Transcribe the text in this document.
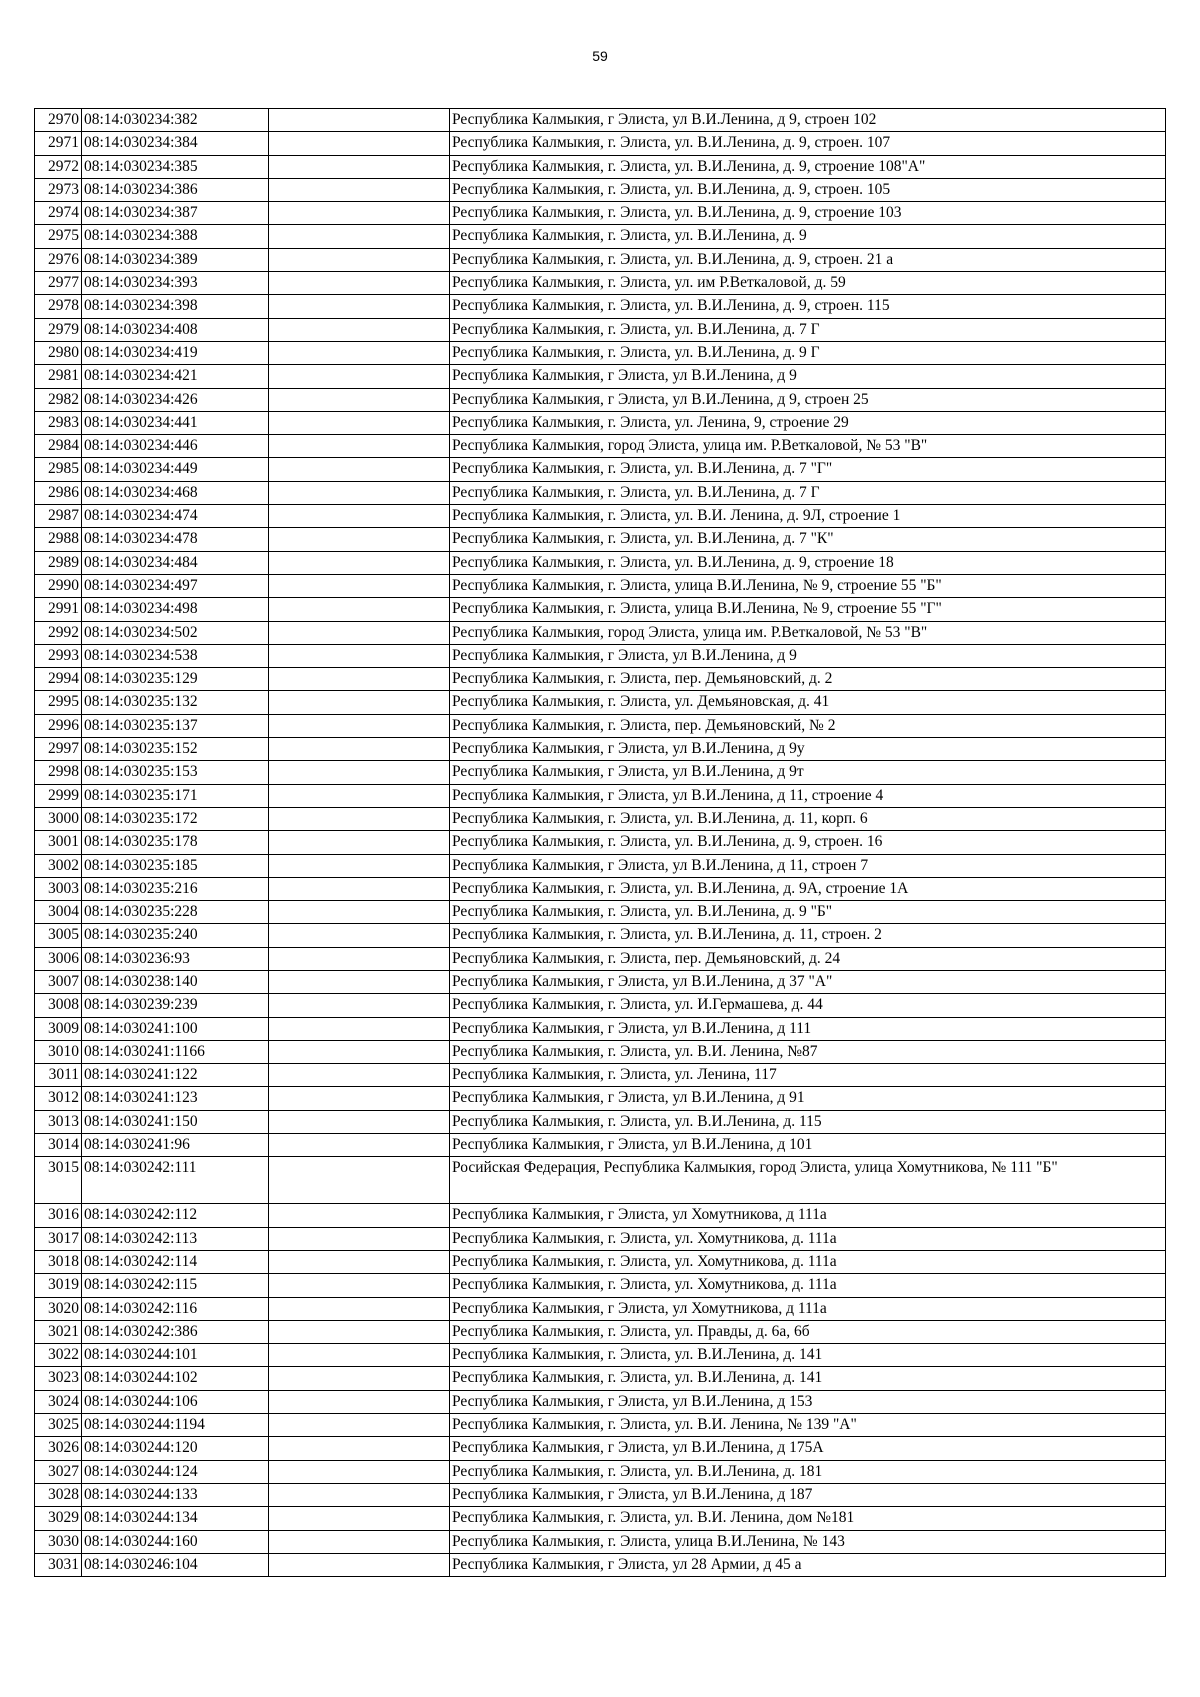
59
2970	08:14:030234:382		Республика Калмыкия, г Элиста, ул В.И.Ленина, д 9, строен 102
2971	08:14:030234:384		Республика Калмыкия, г. Элиста, ул. В.И.Ленина, д. 9, строен. 107
2972	08:14:030234:385		Республика Калмыкия, г. Элиста, ул. В.И.Ленина, д. 9, строение 108"А"
2973	08:14:030234:386		Республика Калмыкия, г. Элиста, ул. В.И.Ленина, д. 9, строен. 105
2974	08:14:030234:387		Республика Калмыкия, г. Элиста, ул. В.И.Ленина, д. 9, строение 103
2975	08:14:030234:388		Республика Калмыкия, г. Элиста, ул. В.И.Ленина, д. 9
2976	08:14:030234:389		Республика Калмыкия, г. Элиста, ул. В.И.Ленина, д. 9, строен. 21 а
2977	08:14:030234:393		Республика Калмыкия, г. Элиста, ул. им Р.Веткаловой, д. 59
2978	08:14:030234:398		Республика Калмыкия, г. Элиста, ул. В.И.Ленина, д. 9, строен. 115
2979	08:14:030234:408		Республика Калмыкия, г. Элиста, ул. В.И.Ленина, д. 7 Г
2980	08:14:030234:419		Республика Калмыкия, г. Элиста, ул. В.И.Ленина, д. 9 Г
2981	08:14:030234:421		Республика Калмыкия, г Элиста, ул В.И.Ленина, д 9
2982	08:14:030234:426		Республика Калмыкия, г Элиста, ул В.И.Ленина, д 9, строен 25
2983	08:14:030234:441		Республика Калмыкия, г. Элиста, ул. Ленина, 9, строение 29
2984	08:14:030234:446		Республика Калмыкия, город Элиста, улица им. Р.Веткаловой, № 53 "В"
2985	08:14:030234:449		Республика Калмыкия, г. Элиста, ул. В.И.Ленина, д. 7 "Г"
2986	08:14:030234:468		Республика Калмыкия, г. Элиста, ул. В.И.Ленина, д. 7 Г
2987	08:14:030234:474		Республика Калмыкия, г. Элиста, ул. В.И. Ленина, д. 9Л, строение 1
2988	08:14:030234:478		Республика Калмыкия, г. Элиста, ул. В.И.Ленина, д. 7 "К"
2989	08:14:030234:484		Республика Калмыкия, г. Элиста, ул. В.И.Ленина, д. 9, строение 18
2990	08:14:030234:497		Республика Калмыкия, г. Элиста, улица В.И.Ленина, № 9, строение 55 "Б"
2991	08:14:030234:498		Республика Калмыкия, г. Элиста, улица В.И.Ленина, № 9, строение 55 "Г"
2992	08:14:030234:502		Республика Калмыкия, город Элиста, улица им. Р.Веткаловой, № 53 "В"
2993	08:14:030234:538		Республика Калмыкия, г Элиста, ул В.И.Ленина, д 9
2994	08:14:030235:129		Республика Калмыкия, г. Элиста, пер. Демьяновский, д. 2
2995	08:14:030235:132		Республика Калмыкия, г. Элиста, ул. Демьяновская, д. 41
2996	08:14:030235:137		Республика Калмыкия, г. Элиста, пер. Демьяновский, № 2
2997	08:14:030235:152		Республика Калмыкия, г Элиста, ул В.И.Ленина, д 9у
2998	08:14:030235:153		Республика Калмыкия, г Элиста, ул В.И.Ленина, д 9т
2999	08:14:030235:171		Республика Калмыкия, г Элиста, ул В.И.Ленина, д 11, строение 4
3000	08:14:030235:172		Республика Калмыкия, г. Элиста, ул. В.И.Ленина, д. 11, корп. 6
3001	08:14:030235:178		Республика Калмыкия, г. Элиста, ул. В.И.Ленина, д. 9, строен. 16
3002	08:14:030235:185		Республика Калмыкия, г Элиста, ул В.И.Ленина, д 11, строен 7
3003	08:14:030235:216		Республика Калмыкия, г. Элиста, ул. В.И.Ленина, д. 9А, строение 1А
3004	08:14:030235:228		Республика Калмыкия, г. Элиста, ул. В.И.Ленина, д. 9 "Б"
3005	08:14:030235:240		Республика Калмыкия, г. Элиста, ул. В.И.Ленина, д. 11, строен. 2
3006	08:14:030236:93		Республика Калмыкия, г. Элиста, пер. Демьяновский, д. 24
3007	08:14:030238:140		Республика Калмыкия, г Элиста, ул В.И.Ленина, д 37 "А"
3008	08:14:030239:239		Республика Калмыкия, г. Элиста, ул. И.Гермашева, д. 44
3009	08:14:030241:100		Республика Калмыкия, г Элиста, ул В.И.Ленина, д 111
3010	08:14:030241:1166		Республика Калмыкия, г. Элиста, ул. В.И. Ленина, №87
3011	08:14:030241:122		Республика Калмыкия, г. Элиста, ул. Ленина, 117
3012	08:14:030241:123		Республика Калмыкия, г Элиста, ул В.И.Ленина, д 91
3013	08:14:030241:150		Республика Калмыкия, г. Элиста, ул. В.И.Ленина, д. 115
3014	08:14:030241:96		Республика Калмыкия, г Элиста, ул В.И.Ленина, д 101
3015	08:14:030242:111		Росийская Федерация, Республика Калмыкия, город Элиста, улица Хомутникова, № 111 "Б"
3016	08:14:030242:112		Республика Калмыкия, г Элиста, ул Хомутникова, д 111а
3017	08:14:030242:113		Республика Калмыкия, г. Элиста, ул. Хомутникова, д. 111а
3018	08:14:030242:114		Республика Калмыкия, г. Элиста, ул. Хомутникова, д. 111а
3019	08:14:030242:115		Республика Калмыкия, г. Элиста, ул. Хомутникова, д. 111а
3020	08:14:030242:116		Республика Калмыкия, г Элиста, ул Хомутникова, д 111а
3021	08:14:030242:386		Республика Калмыкия, г. Элиста, ул. Правды, д. 6а, 6б
3022	08:14:030244:101		Республика Калмыкия, г. Элиста, ул. В.И.Ленина, д. 141
3023	08:14:030244:102		Республика Калмыкия, г. Элиста, ул. В.И.Ленина, д. 141
3024	08:14:030244:106		Республика Калмыкия, г Элиста, ул В.И.Ленина, д 153
3025	08:14:030244:1194		Республика Калмыкия, г. Элиста, ул. В.И. Ленина, № 139 "А"
3026	08:14:030244:120		Республика Калмыкия, г Элиста, ул В.И.Ленина, д 175А
3027	08:14:030244:124		Республика Калмыкия, г. Элиста, ул. В.И.Ленина, д. 181
3028	08:14:030244:133		Республика Калмыкия, г Элиста, ул В.И.Ленина, д 187
3029	08:14:030244:134		Республика Калмыкия, г. Элиста, ул. В.И. Ленина, дом №181
3030	08:14:030244:160		Республика Калмыкия, г. Элиста, улица В.И.Ленина, № 143
3031	08:14:030246:104		Республика Калмыкия, г Элиста, ул 28 Армии, д 45 а
